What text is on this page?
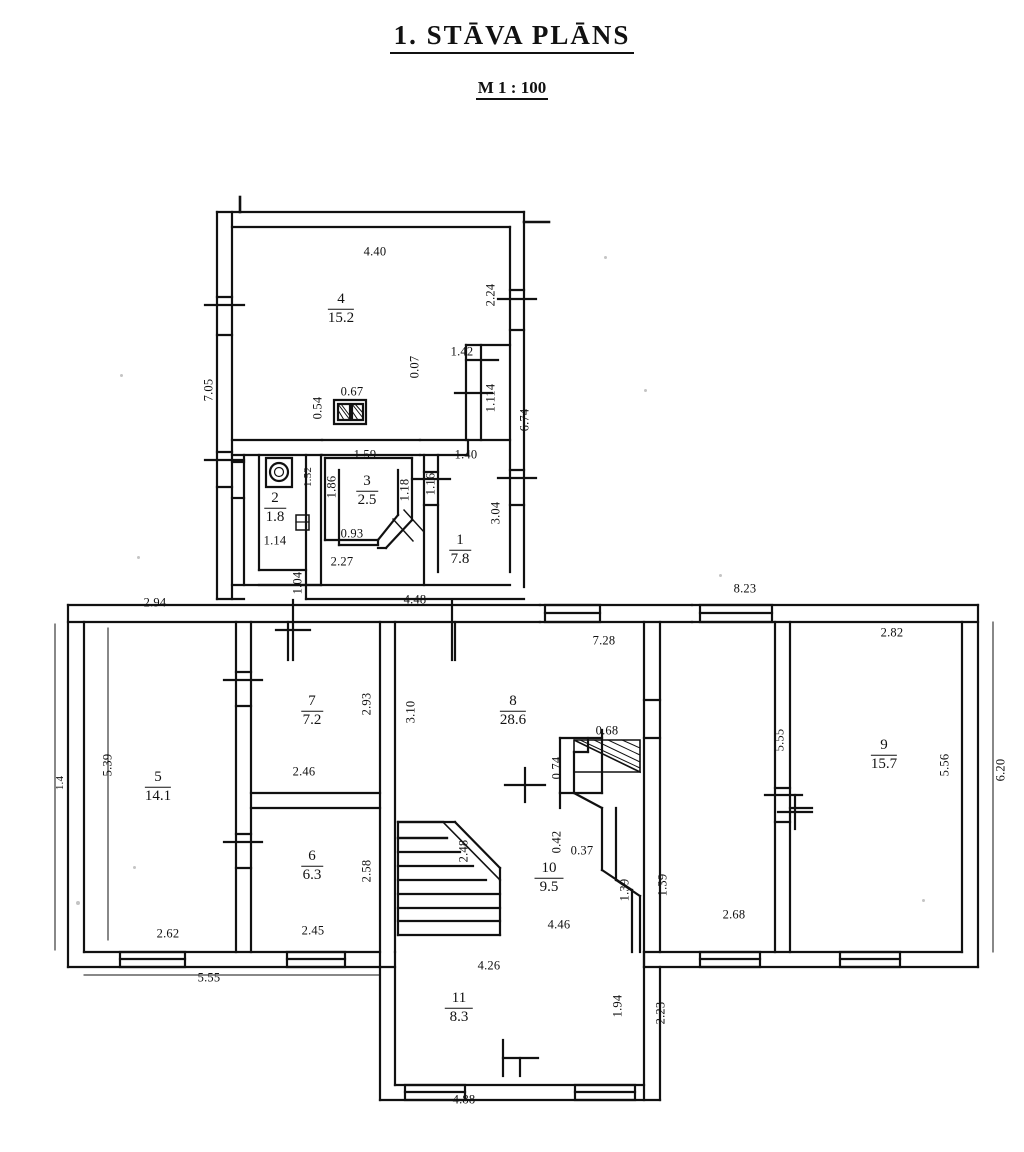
1. STĀVA PLĀNS
M 1 : 100
4
15.2
2
1.8
3
2.5
1
7.8
5
14.1
6
6.3
7
7.2
8
28.6
9
15.7
10
9.5
11
8.3
4.40
2.24
7.05
0.07
1.42
1.114
6.74
0.67
0.54
1.59
1.86	1.18 1.16
1.40
1.52
3.04
0.93
1.14
2.27
1.04
2.94	4.48
8.23
7.28
2.82
2.93 3.10
5.55
5.56	6.20
2.46
5.39
0.68
0.74
0.42 0.37
2.58
2.48
1.39 1.39
2.68
2.45
2.62
5.55
4.46
4.26
1.94 2.23
4.88
1.4
